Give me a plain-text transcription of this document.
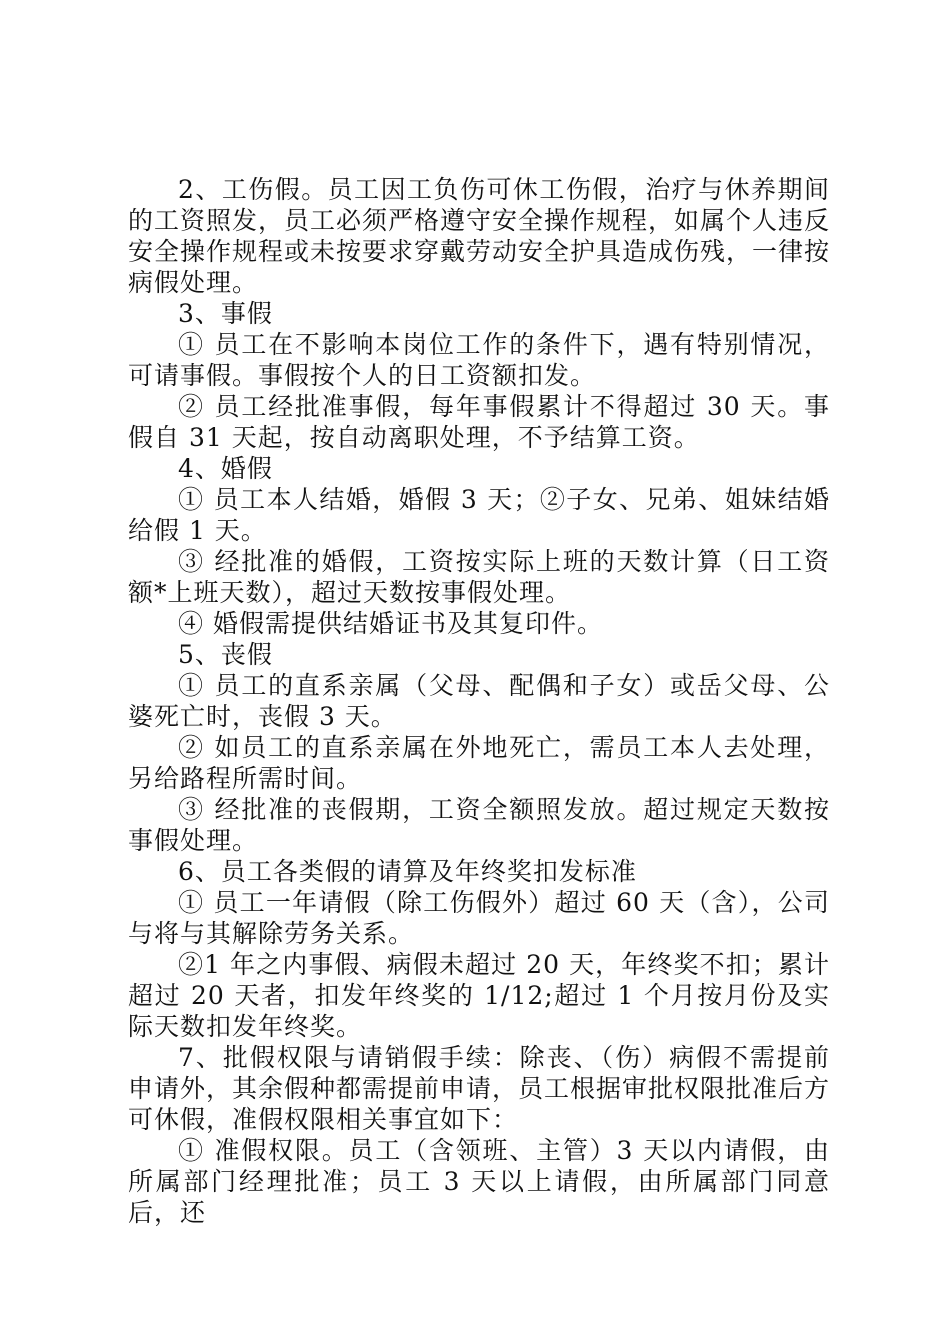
2、工伤假。员工因工负伤可休工伤假，治疗与休养期间的工资照发，员工必须严格遵守安全操作规程，如属个人违反安全操作规程或未按要求穿戴劳动安全护具造成伤残，一律按病假处理。

3、事假

① 员工在不影响本岗位工作的条件下，遇有特别情况，可请事假。事假按个人的日工资额扣发。

② 员工经批准事假，每年事假累计不得超过 30 天。事假自 31 天起，按自动离职处理，不予结算工资。

4、婚假

① 员工本人结婚，婚假 3 天；②子女、兄弟、姐妹结婚给假 1 天。

③ 经批准的婚假，工资按实际上班的天数计算（日工资额*上班天数），超过天数按事假处理。

④ 婚假需提供结婚证书及其复印件。

5、丧假

① 员工的直系亲属（父母、配偶和子女）或岳父母、公婆死亡时，丧假 3 天。

② 如员工的直系亲属在外地死亡，需员工本人去处理，另给路程所需时间。

③ 经批准的丧假期，工资全额照发放。超过规定天数按事假处理。

6、员工各类假的请算及年终奖扣发标准

① 员工一年请假（除工伤假外）超过 60 天（含），公司与将与其解除劳务关系。

②1 年之内事假、病假未超过 20 天，年终奖不扣；累计超过 20 天者，扣发年终奖的 1/12;超过 1 个月按月份及实际天数扣发年终奖。

7、批假权限与请销假手续：除丧、（伤）病假不需提前申请外，其余假种都需提前申请，员工根据审批权限批准后方可休假，准假权限相关事宜如下：

① 准假权限。员工（含领班、主管）3 天以内请假，由所属部门经理批准；员工 3 天以上请假，由所属部门同意后，还
